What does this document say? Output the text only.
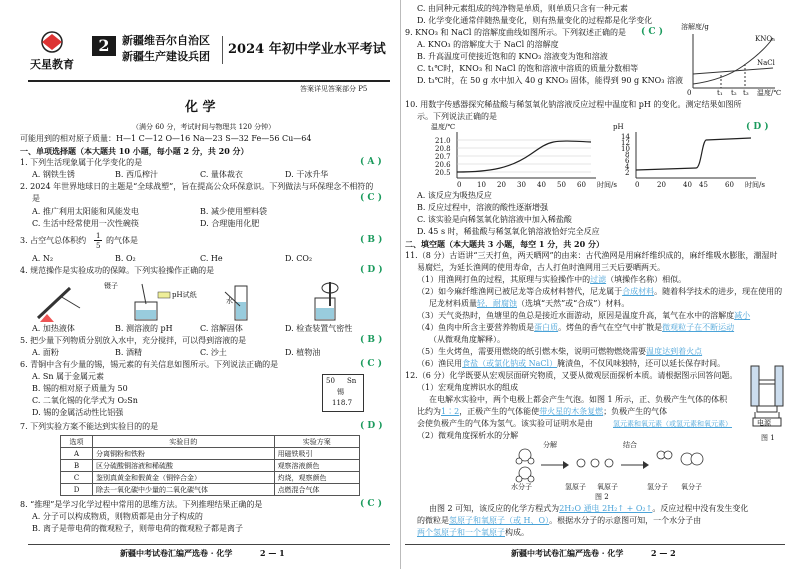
天星教育
2	新疆维吾尔自治区
新疆生产建设兵团 2024 年初中学业水平考试
答案详见答案部分 P5
化 学
（满分 60 分，考试时间与物理共 120 分钟）
可能用到的相对原子质量：H—1 C—12 O—16 Na—23 S—32 Fe—56 Cu—64
一、单项选择题（本大题共 10 小题，每小题 2 分，共 20 分）
1. 下列生活现象属于化学变化的是	( A )
A. 钢铁生锈	B. 西瓜榨汁	C. 量体裁衣	D. 干冰升华
2. 2024 年世界地球日的主题是“全球战塑”，旨在提高公众环保意识。下列做法与环保理念不相符的
是	( C )
A. 推广利用太阳能和风能发电	B. 减少使用塑料袋
C. 生活中经常使用一次性碗筷	D. 合理施用化肥
3. 占空气总体积约 1
5
的气体是	( B )
A. N₂	B. O₂	C. He	D. CO₂
4. 规范操作是实验成功的保障。下列实验操作正确的是	( D )
镊子
pH试纸
水
A. 加热液体	B. 测溶液的 pH	C. 溶解固体	D. 检查装置气密性
5. 把少量下列物质分别放入水中，充分搅拌，可以得到溶液的是	( B )
A. 面粉	B. 酒精	C. 沙土	D. 植物油
6. 青铜中含有少量的锡，锡元素的有关信息如图所示。下列说法正确的是	( C )
A. Sn 属于金属元素
B. 锡的相对原子质量为 50
C. 二氧化锡的化学式为 O₂Sn
D. 锡的金属活动性比铝强
50 Sn
锡
118.7
7. 下列实验方案不能达到实验目的的是	( D )
选项	实验目的	实验方案
A	分离铜粉和铁粉	用磁铁吸引
B	区分硫酸铜溶液和稀硫酸	观察溶液颜色
C	鉴别真黄金和假黄金（铜锌合金）	灼烧，观察颜色
D	除去一氧化碳中少量的二氧化碳气体	点燃混合气体
8. “推理”是学习化学过程中常用的思维方法。下列推理结果正确的是	( C )
A. 分子可以构成物质，则物质都是由分子构成的
B. 离子是带电荷的微观粒子，则带电荷的微观粒子都是离子
新疆中考试卷汇编严选卷 · 化学	2 — 1
C. 由同种元素组成的纯净物是单质，则单质只含有一种元素
D. 化学变化通常伴随热量变化，则有热量变化的过程都是化学变化
9. KNO₃ 和 NaCl 的溶解度曲线如图所示。下列叙述正确的是 ( C )
A. KNO₃ 的溶解度大于 NaCl 的溶解度
B. 升高温度可使接近饱和的 KNO₃ 溶液变为饱和溶液
C. t₁℃时，KNO₃ 和 NaCl 的饱和溶液中溶质的质量分数相等
D. t₃℃时，在 50 g 水中加入 40 g KNO₃ 固体，能得到 90 g KNO₃ 溶液
溶解度/g
KNO₃
NaCl
0	t₁ t₂ t₃ 温度/℃
10. 用数字传感器探究稀盐酸与稀氢氧化钠溶液反应过程中温度和 pH 的变化。测定结果如图所
示。下列说法正确的是
( D )
温度/℃
21.0
20.8
20.7
20.6
20.5
0 10 20 30 40 50 60 时间/s
pH
14
12
10
8
6
4
2
0	20 40 45 60 时间/s
A. 该反应为吸热反应
B. 反应过程中，溶液的酸性逐渐增强
C. 该实验是向稀氢氧化钠溶液中加入稀盐酸
D. 45 s 时，稀盐酸与稀氢氧化钠溶液恰好完全反应
二、填空题（本大题共 3 小题，每空 1 分，共 20 分）
11.（8 分）古语讲“三天打鱼，两天晒网”的由来：古代渔网是用麻纤维织成的，麻纤维吸水膨胀，潮湿时
易腐烂，为延长渔网的使用寿命，古人打鱼时渔网用三天后要晒两天。
（1）用渔网打鱼的过程，其原理与实验操作中的过滤（填操作名称）相似。
（2）如今麻纤维渔网已被尼龙等合成材料替代，尼龙属于合成材料。随着科学技术的进步，现在使用的
尼龙材料质量轻，耐腐蚀（选填“天然”或“合成”）材料。
（3）天气炎热时，鱼塘里的鱼总是接近水面游动，原因是温度升高，氧气在水中的溶解度减小
（4）鱼肉中所含主要营养物质是蛋白质。烤鱼的香气在空气中扩散是微观粒子在不断运动
（从微观角度解释）。
（5）生火烤鱼，需要用燃烧的纸引燃木柴，说明可燃物燃烧需要温度达到着火点
（6）渔民用食盐（或氯化钠或 NaCl）腌渍鱼，不仅风味独特，还可以延长保存时间。
12.（6 分）化学既要从宏观层面研究物质，又要从微观层面探析本质。请根据图示回答问题。
（1）宏观角度辨识水的组成
在电解水实验中，两个电极上都会产生气泡。如图 1 所示，正、负极产生气体的体积
比约为1∶2，正极产生的气体能使带火星的木条复燃；负极产生的气体
会使负极产生的气体为氢气。该实验可证明水是由	氢元素和氧元素（或氢元素和氧元素）	电源
图 1
（2）微观角度探析水的分解
分解	结合
水分子	氢原子 氧原子	氢分子 氧分子
图 2
由图 2 可知，该反应的化学方程式为2H₂O 通电 2H₂↑ + O₂↑。反应过程中没有发生变化
的微粒是氢原子和氧原子（或 H、O）。根据水分子的示意图可知，一个水分子由
两个氢原子和一个氧原子构成。
新疆中考试卷汇编严选卷 · 化学	2 — 2
